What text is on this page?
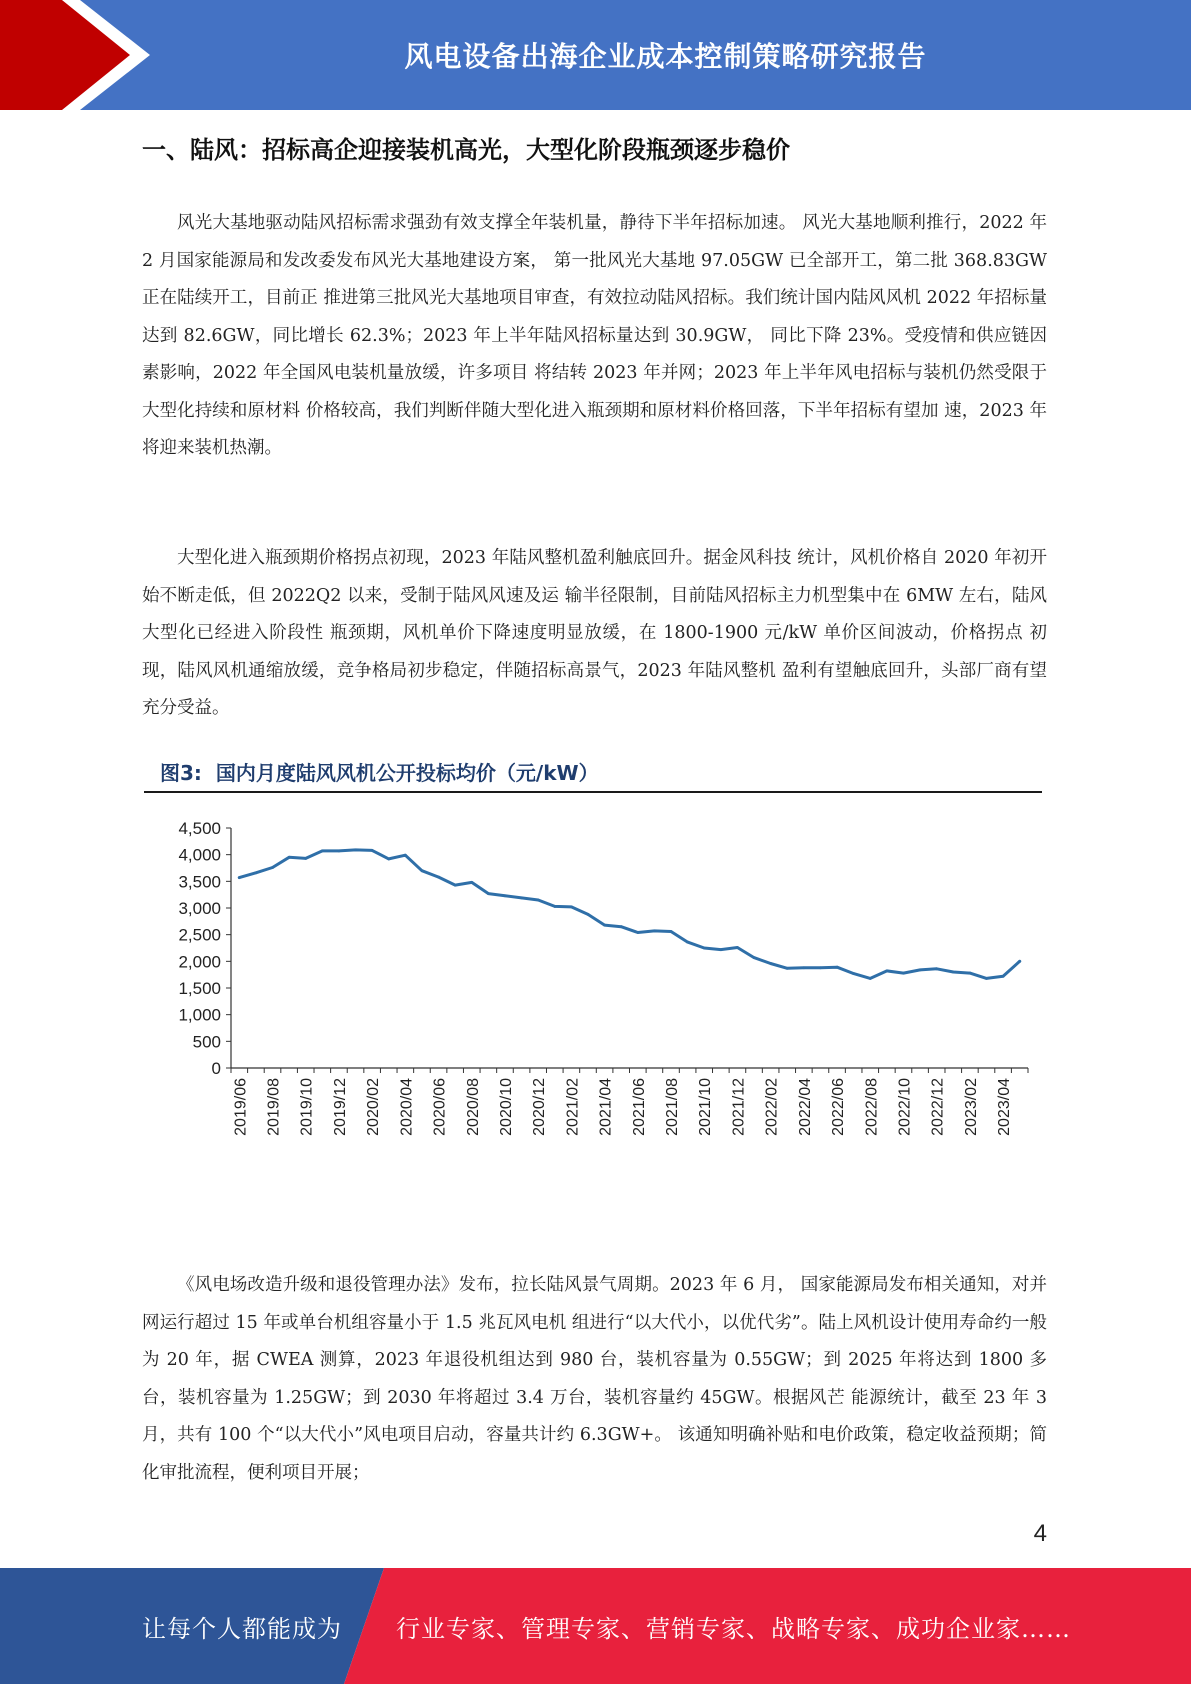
风电设备出海企业成本控制策略研究报告
一、陆风：招标高企迎接装机高光，大型化阶段瓶颈逐步稳价

风光大基地驱动陆风招标需求强劲有效支撑全年装机量，静待下半年招标加速。 风光大基地顺利推行，2022 年 2 月国家能源局和发改委发布风光大基地建设方案， 第一批风光大基地 97.05GW 已全部开工，第二批 368.83GW 正在陆续开工，目前正 推进第三批风光大基地项目审查，有效拉动陆风招标。我们统计国内陆风风机 2022 年招标量达到 82.6GW，同比增长 62.3%；2023 年上半年陆风招标量达到 30.9GW， 同比下降 23%。受疫情和供应链因素影响，2022 年全国风电装机量放缓，许多项目 将结转 2023 年并网；2023 年上半年风电招标与装机仍然受限于大型化持续和原材料 价格较高，我们判断伴随大型化进入瓶颈期和原材料价格回落，下半年招标有望加 速，2023 年将迎来装机热潮。

大型化进入瓶颈期价格拐点初现，2023 年陆风整机盈利触底回升。据金风科技 统计，风机价格自 2020 年初开始不断走低，但 2022Q2 以来，受制于陆风风速及运 输半径限制，目前陆风招标主力机型集中在 6MW 左右，陆风大型化已经进入阶段性 瓶颈期，风机单价下降速度明显放缓，在 1800-1900 元/kW 单价区间波动，价格拐点 初现，陆风风机通缩放缓，竞争格局初步稳定，伴随招标高景气，2023 年陆风整机 盈利有望触底回升，头部厂商有望充分受益。

图3: 国内月度陆风风机公开投标均价（元/kW）
0
500
1,000
1,500
2,000
2,500
3,000
3,500
4,000
4,500
2019/06 2019/08 2019/10 2019/12 2020/02 2020/04 2020/06 2020/08 2020/10 2020/12 2021/02 2021/04 2021/06 2021/08 2021/10 2021/12 2022/02 2022/04 2022/06 2022/08 2022/10 2022/12 2023/02 2023/04

《风电场改造升级和退役管理办法》发布，拉长陆风景气周期。2023 年 6 月， 国家能源局发布相关通知，对并网运行超过 15 年或单台机组容量小于 1.5 兆瓦风电机 组进行“以大代小，以优代劣”。陆上风机设计使用寿命约一般为 20 年，据 CWEA 测算，2023 年退役机组达到 980 台，装机容量为 0.55GW；到 2025 年将达到 1800 多 台，装机容量为 1.25GW；到 2030 年将超过 3.4 万台，装机容量约 45GW。根据风芒 能源统计，截至 23 年 3 月，共有 100 个“以大代小”风电项目启动，容量共计约 6.3GW+。 该通知明确补贴和电价政策，稳定收益预期；简化审批流程，便利项目开展；

4
让每个人都能成为 行业专家、管理专家、营销专家、战略专家、成功企业家……
